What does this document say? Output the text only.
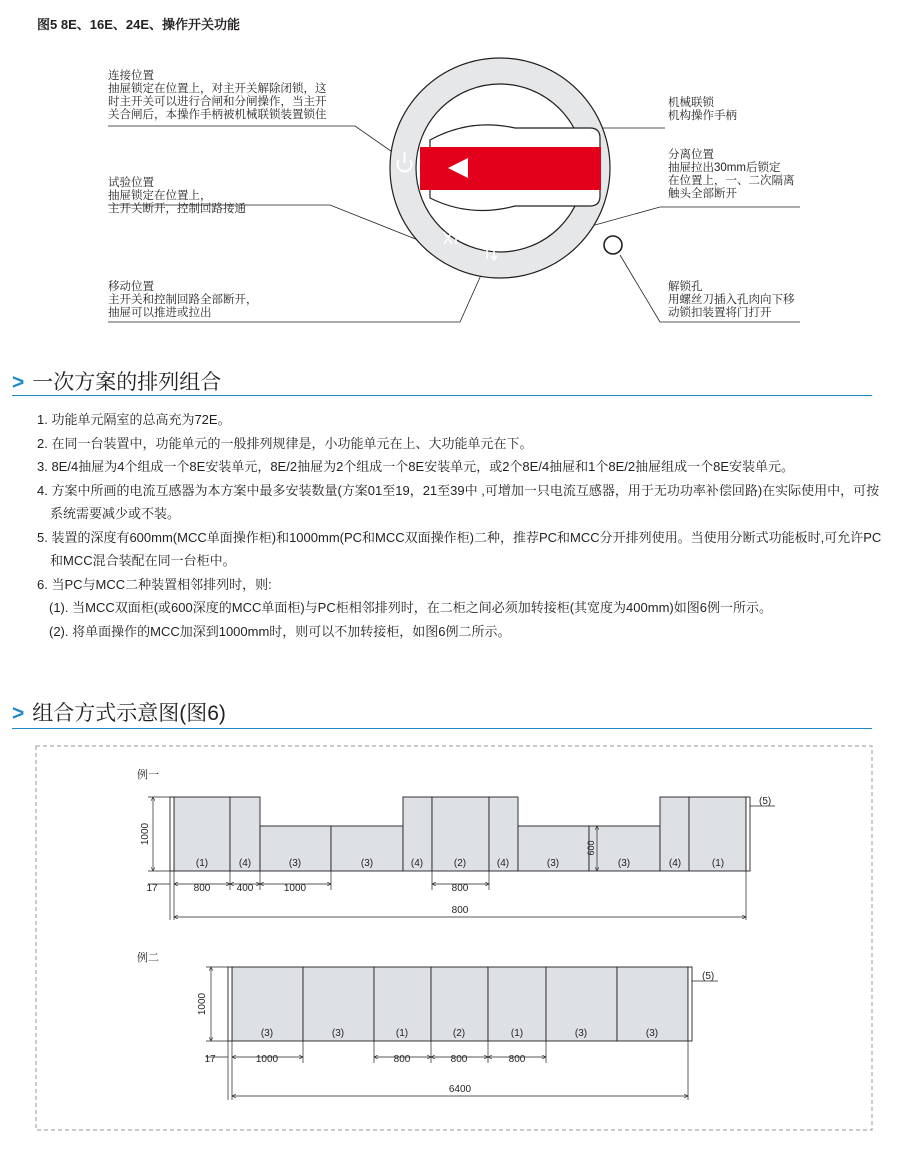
图5 8E、16E、24E、操作开关功能
连接位置
抽屉锁定在位置上，对主开关解除闭锁，这
时主开关可以进行合闸和分闸操作，当主开
关合闸后，本操作手柄被机械联锁装置锁住
试验位置
抽屉锁定在位置上，
主开关断开，控制回路接通
移动位置
主开关和控制回路全部断开，
抽屉可以推进或拉出
机械联锁
机构操作手柄
分离位置
抽屉拉出30mm后锁定
在位置上，一、二次隔离
触头全部断开
解锁孔
用螺丝刀插入孔肉向下移
动锁扣装置将门打开
> 一次方案的排列组合
1. 功能单元隔室的总高充为72E。
2. 在同一台装置中，功能单元的一般排列规律是，小功能单元在上、大功能单元在下。
3. 8E/4抽屉为4个组成一个8E安装单元，8E/2抽屉为2个组成一个8E安装单元，或2个8E/4抽屉和1个8E/2抽屉组成一个8E安装单元。
4. 方案中所画的电流互感器为本方案中最多安装数量(方案01至19，21至39中 ,可增加一只电流互感器，用于无功功率补偿回路)在实际使用中，可按系统需要减少或不装。
5. 装置的深度有600mm(MCC单面操作柜)和1000mm(PC和MCC双面操作柜)二种，推荐PC和MCC分开排列使用。当使用分断式功能板时,可允许PC和MCC混合装配在同一台柜中。
6. 当PC与MCC二种装置相邻排列时，则:
(1). 当MCC双面柜(或600深度的MCC单面柜)与PC柜相邻排列时，在二柜之间必须加转接柜(其宽度为400mm)如图6例一所示。
(2). 将单面操作的MCC加深到1000mm时，则可以不加转接柜，如图6例二所示。
> 组合方式示意图(图6)
例一
(1)	(4)	(3)	(3)	(4)	(2)	(4)	(3)	(3)	(4)	(1)
1000
600
(5)
17	800	400	1000	800
800
例二
(3)	(3)	(1)	(2)	(1)	(3)	(3)
1000
(5)
17	1000	800	800	800
6400
